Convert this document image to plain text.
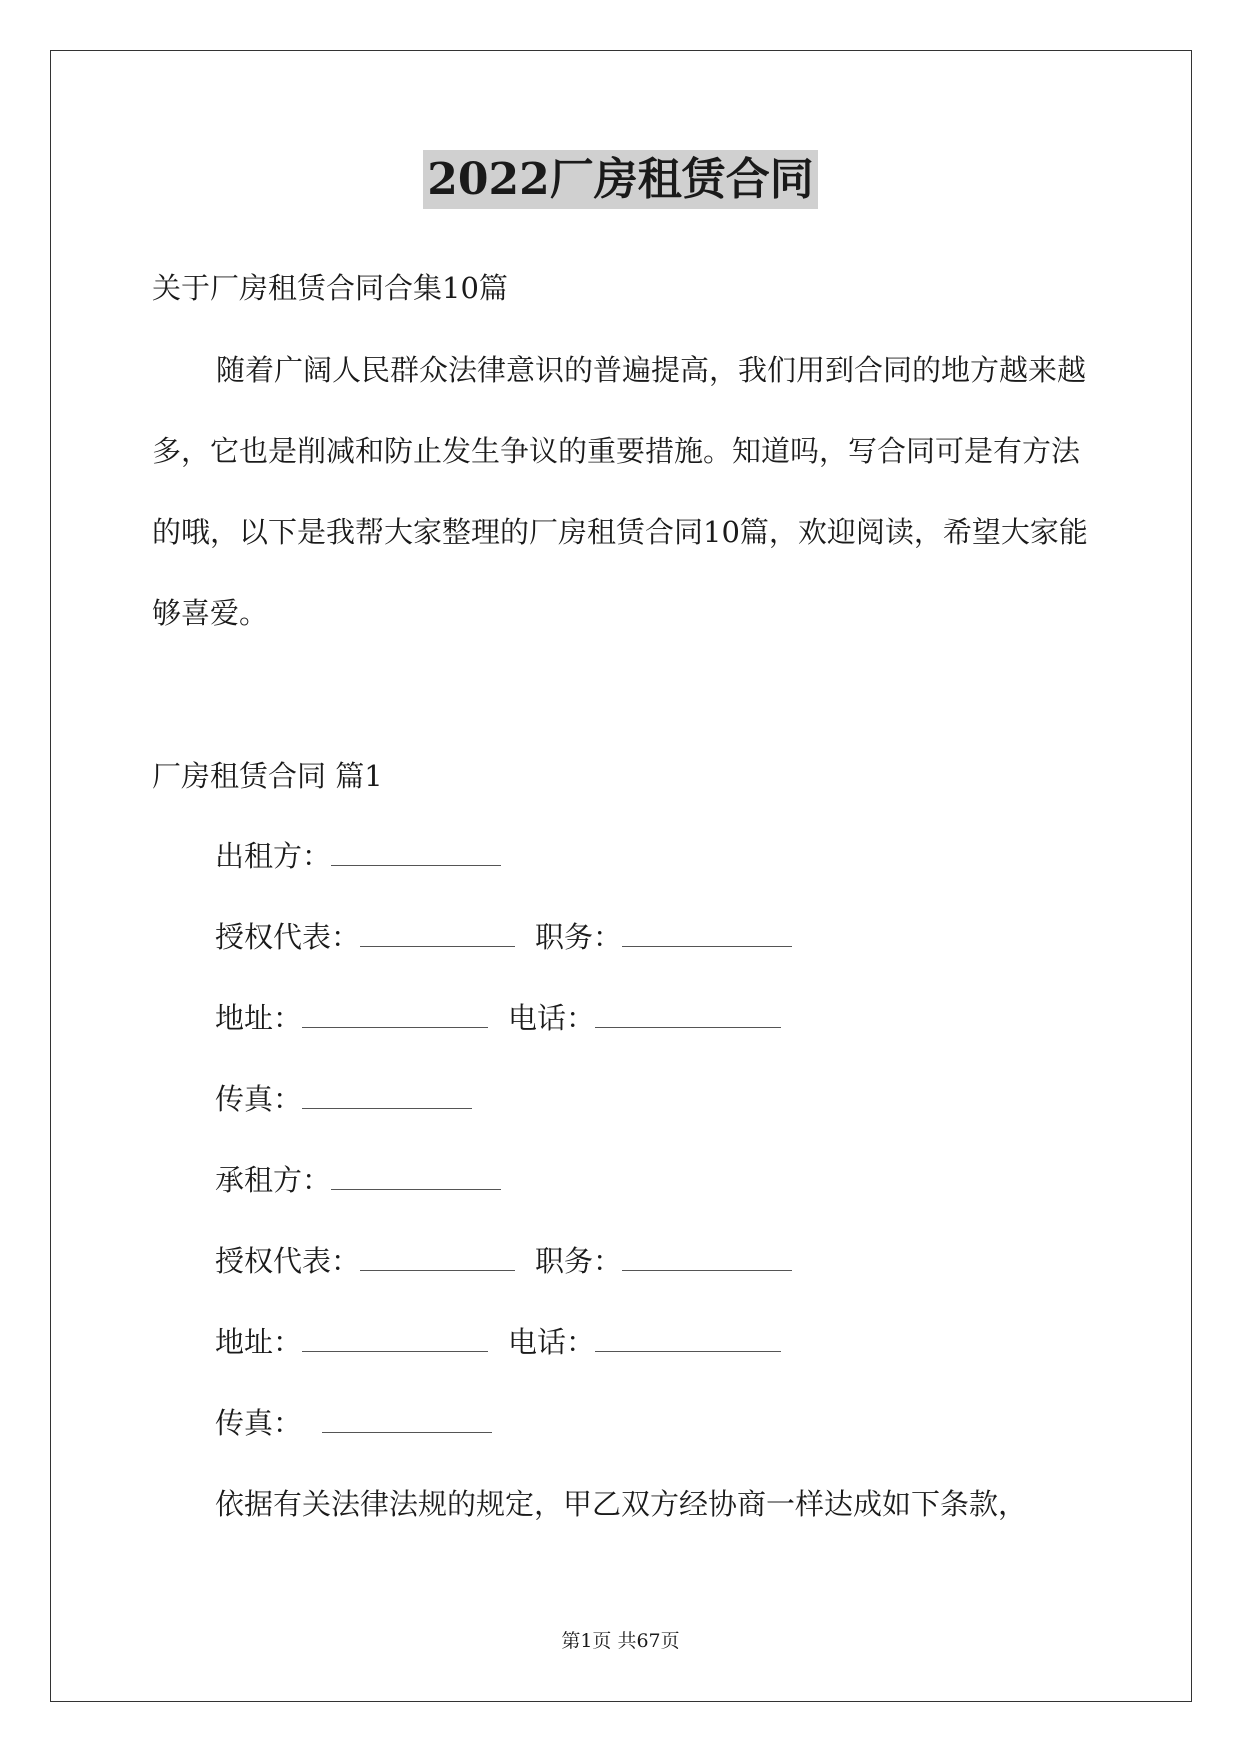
2022厂房租赁合同
关于厂房租赁合同合集10篇
随着广阔人民群众法律意识的普遍提高，我们用到合同的地方越来越多，它也是削减和防止发生争议的重要措施。知道吗，写合同可是有方法的哦，以下是我帮大家整理的厂房租赁合同10篇，欢迎阅读，希望大家能够喜爱。
厂房租赁合同 篇1
出租方：
授权代表：	职务：
地址：	电话：
传真：
承租方：
授权代表：	职务：
地址：	电话：
传真：
依据有关法律法规的规定，甲乙双方经协商一样达成如下条款，
第1页 共67页
